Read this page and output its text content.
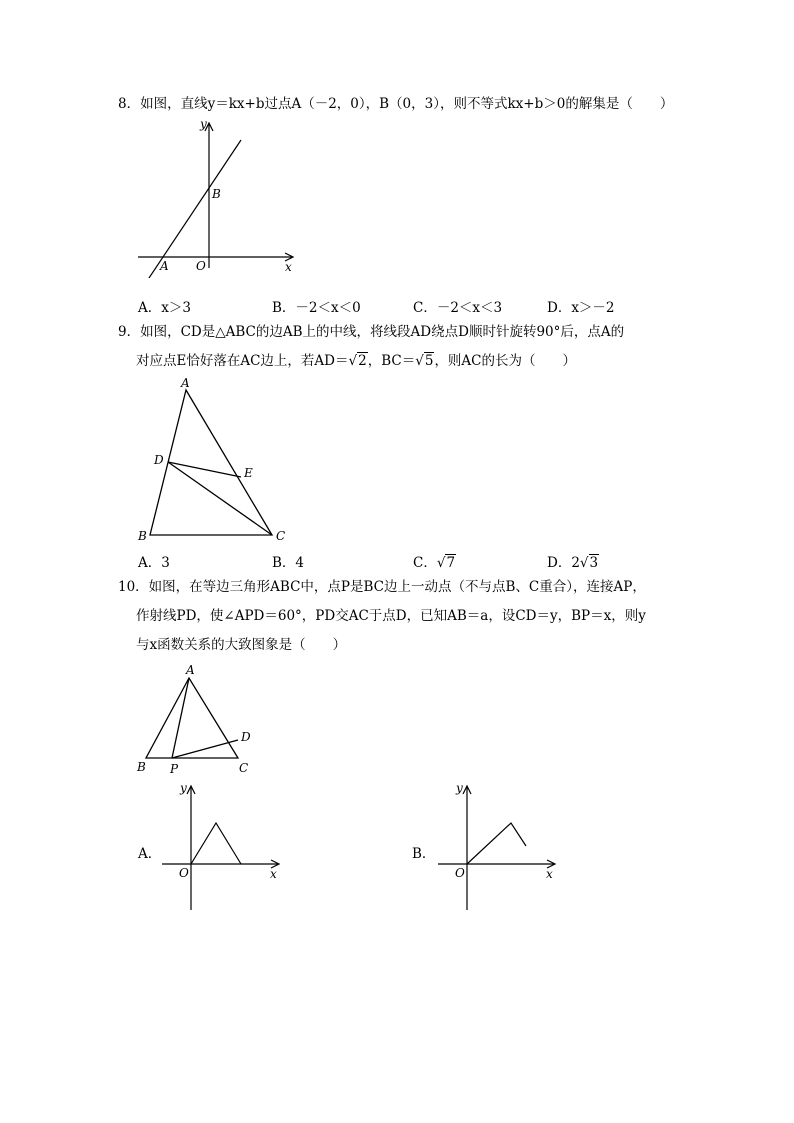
8．如图，直线y＝kx+b过点A（－2，0），B（0，3），则不等式kx+b＞0的解集是（　　）
y
x
O
A
B
A．x＞3	B．－2＜x＜0	C．－2＜x＜3	D．x＞－2
9．如图，CD是△ABC的边AB上的中线，将线段AD绕点D顺时针旋转90°后，点A的
对应点E恰好落在AC边上，若AD＝√2，BC＝√5，则AC的长为（　　）
A
B	C
D
E
A．3	B．4	C．√7	D．2√3
10．如图，在等边三角形ABC中，点P是BC边上一动点（不与点B、C重合），连接AP，
作射线PD，使∠APD＝60°，PD交AC于点D，已知AB＝a，设CD＝y，BP＝x，则y
与x函数关系的大致图象是（　　）
A
B P	C
D
A．
y
x
O
B．
y
x
O
